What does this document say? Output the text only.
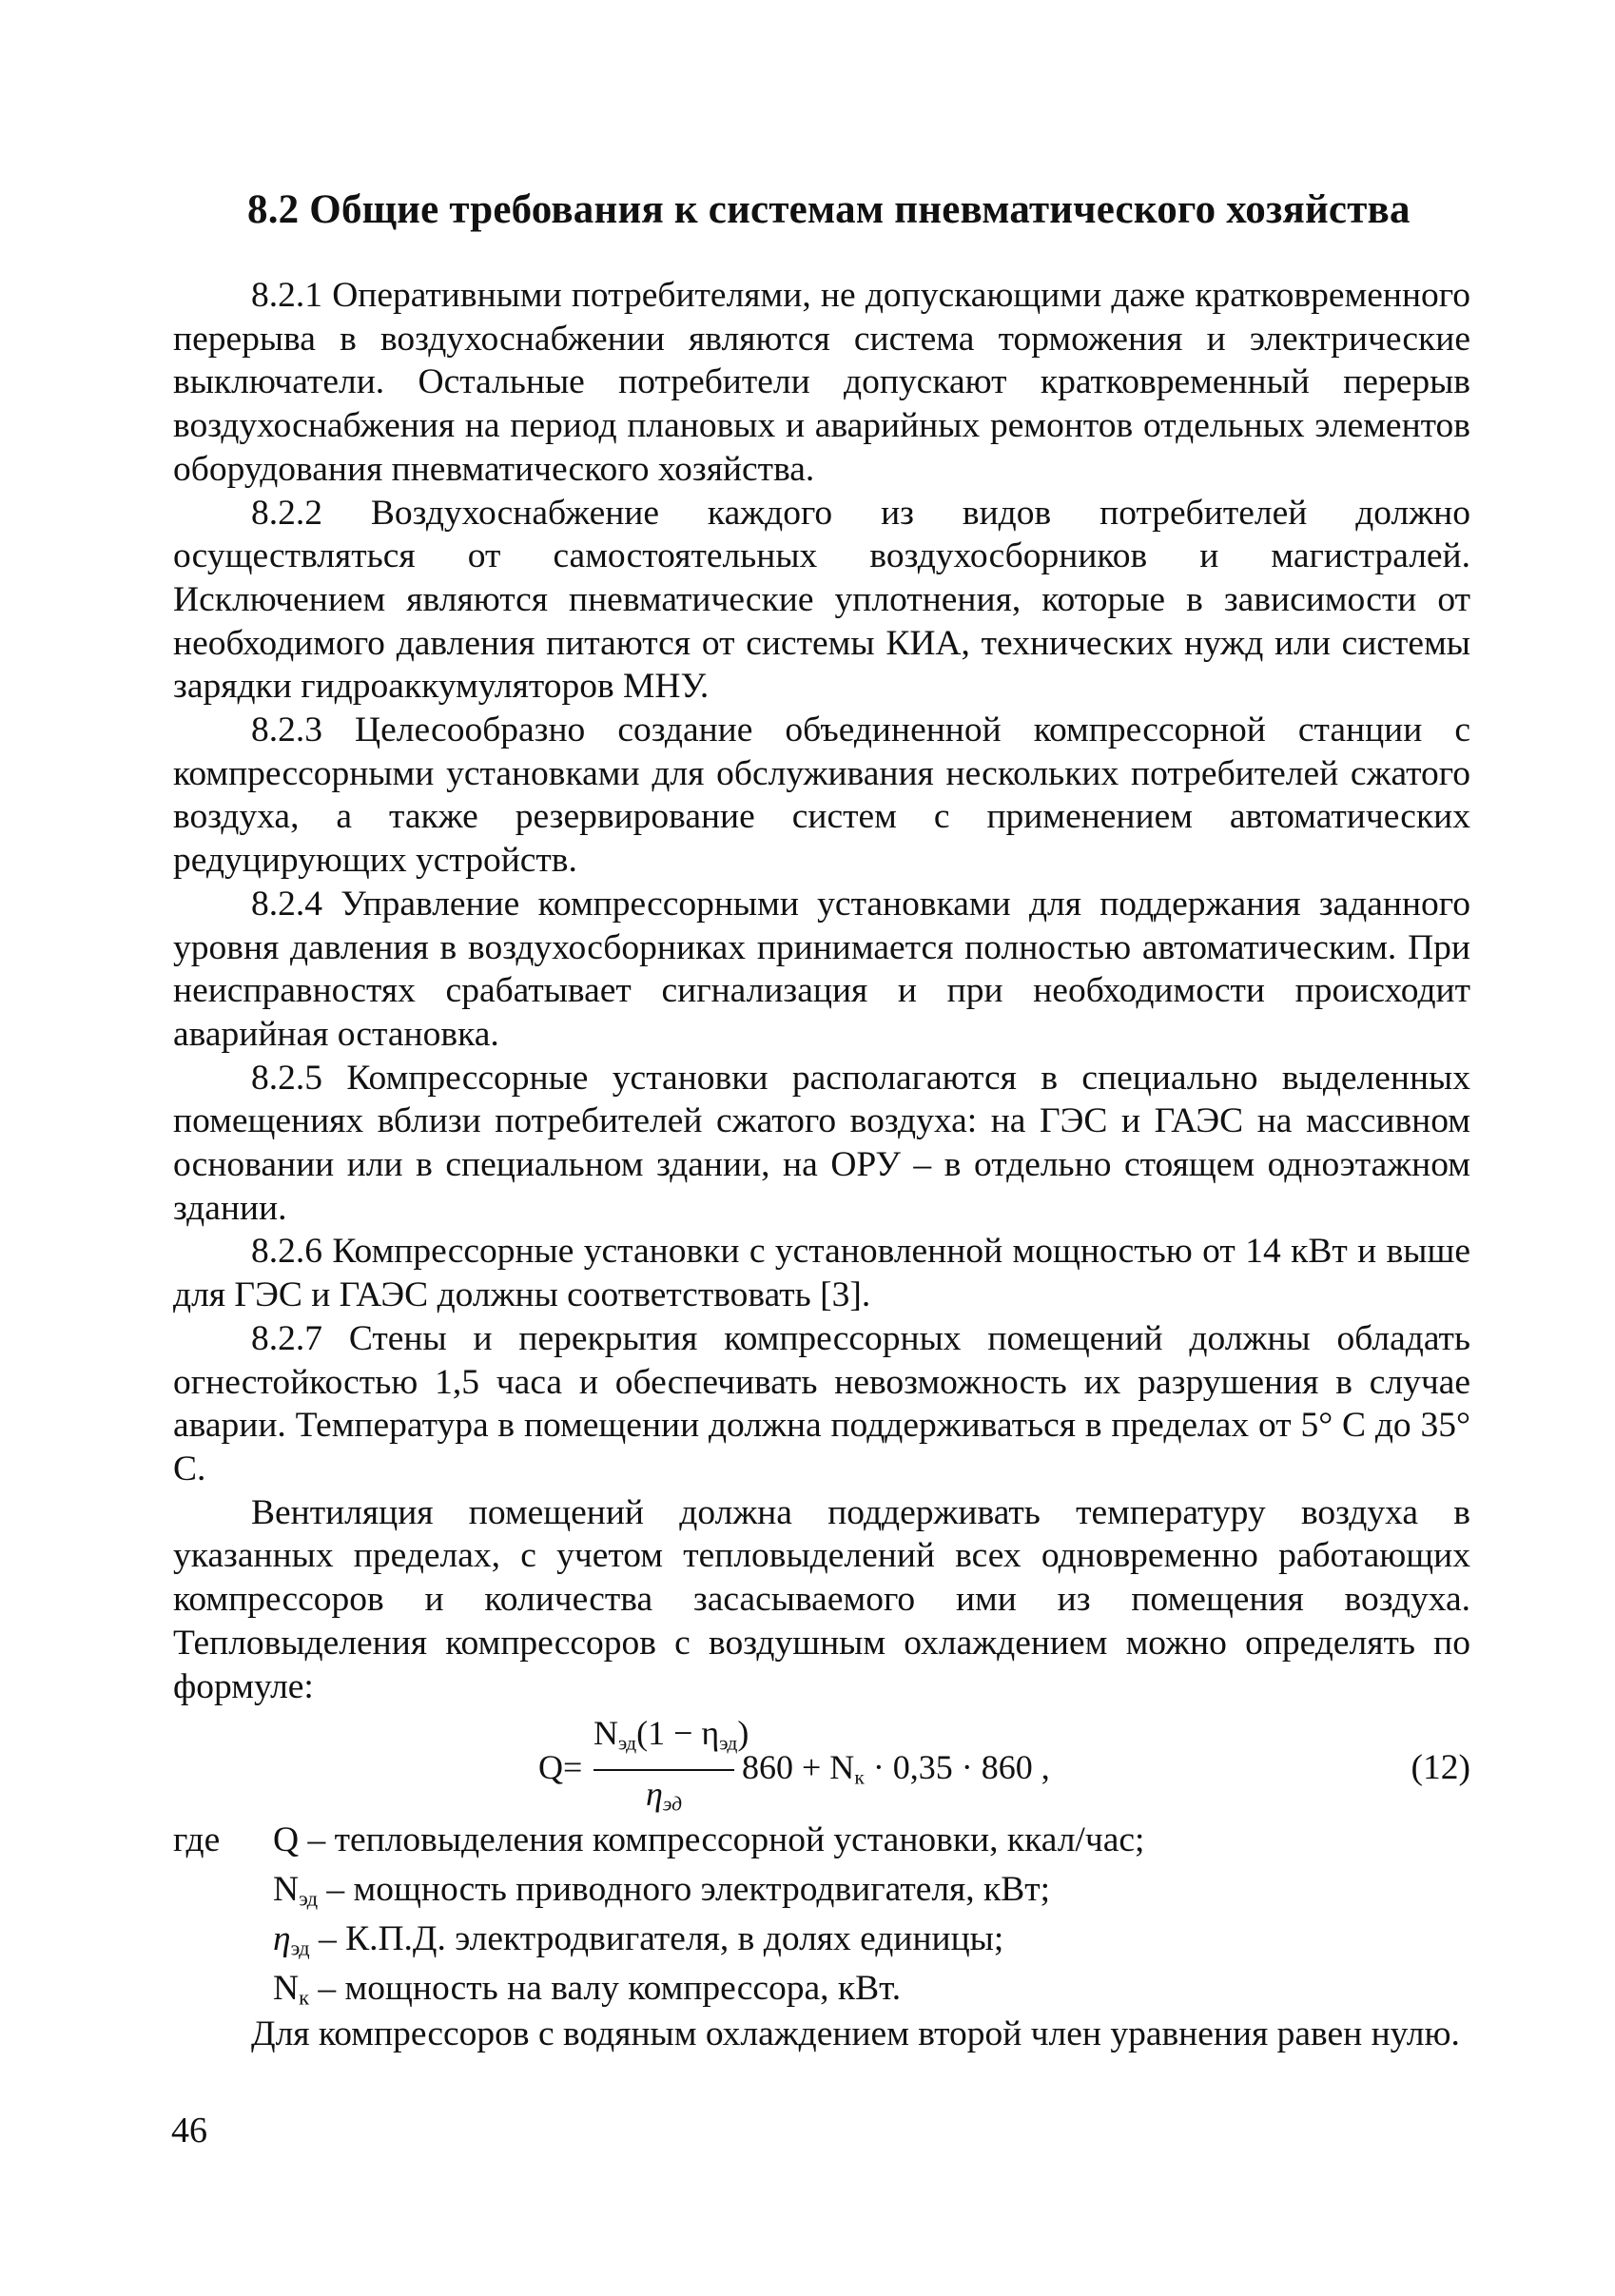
8.2 Общие требования к системам пневматического хозяйства

8.2.1 Оперативными потребителями, не допускающими даже кратковременного перерыва в воздухоснабжении являются система торможения и электрические выключатели. Остальные потребители допускают кратковременный перерыв воздухоснабжения на период плановых и аварийных ремонтов отдельных элементов оборудования пневматического хозяйства.

8.2.2 Воздухоснабжение каждого из видов потребителей должно осуществляться от самостоятельных воздухосборников и магистралей. Исключением являются пневматические уплотнения, которые в зависимости от необходимого давления питаются от системы КИА, технических нужд или системы зарядки гидроаккумуляторов МНУ.

8.2.3 Целесообразно создание объединенной компрессорной станции с компрессорными установками для обслуживания нескольких потребителей сжатого воздуха, а также резервирование систем с применением автоматических редуцирующих устройств.

8.2.4 Управление компрессорными установками для поддержания заданного уровня давления в воздухосборниках принимается полностью автоматическим. При неисправностях срабатывает сигнализация и при необходимости происходит аварийная остановка.

8.2.5 Компрессорные установки располагаются в специально выделенных помещениях вблизи потребителей сжатого воздуха: на ГЭС и ГАЭС на массивном основании или в специальном здании, на ОРУ – в отдельно стоящем одноэтажном здании.

8.2.6 Компрессорные установки с установленной мощностью от 14 кВт и выше для ГЭС и ГАЭС должны соответствовать [3].

8.2.7 Стены и перекрытия компрессорных помещений должны обладать огнестойкостью 1,5 часа и обеспечивать невозможность их разрушения в случае аварии. Температура в помещении должна поддерживаться в пределах от 5° С до 35° С.

Вентиляция помещений должна поддерживать температуру воздуха в указанных пределах, с учетом тепловыделений всех одновременно работающих компрессоров и количества засасываемого ими из помещения воздуха. Тепловыделения компрессоров с воздушным охлаждением можно определять по формуле:

Q=
$N_{эд}(1 - \eta_{эд})$
$\eta_{эд}$
$860 + N_к \cdot 0,35 \cdot 860$ ,	(12)
где Q – тепловыделения компрессорной установки, ккал/час;
$N_{эд}$ – мощность приводного электродвигателя, кВт;
$\eta_{эд} - К.П.Д$. электродвигателя, в долях единицы;
$N_к$ – мощность на валу компрессора, кВт.

Для компрессоров с водяным охлаждением второй член уравнения равен нулю.

46
